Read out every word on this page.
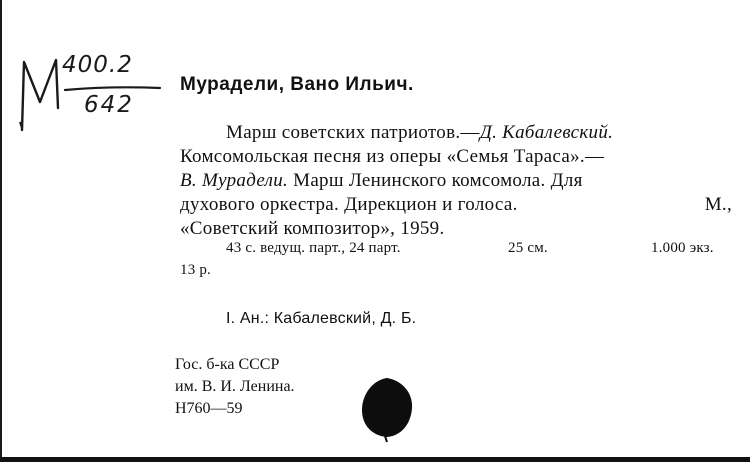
400.2
642
Мурадели, Вано Ильич.
Марш советских патриотов.—Д. Кабалевский.
Комсомольская песня из оперы «Семья Тараса».—
В. Мурадели. Марш Ленинского комсомола. Для
духового оркестра. Дирекцион и голоса.	М.,
«Советский композитор», 1959.
43 с. ведущ. парт., 24 парт.	25 см.	1.000 экз.
13 р.
I. Ан.: Кабалевский, Д. Б.
Гос. б-ка СССР
им. В. И. Ленина.
Н760—59
